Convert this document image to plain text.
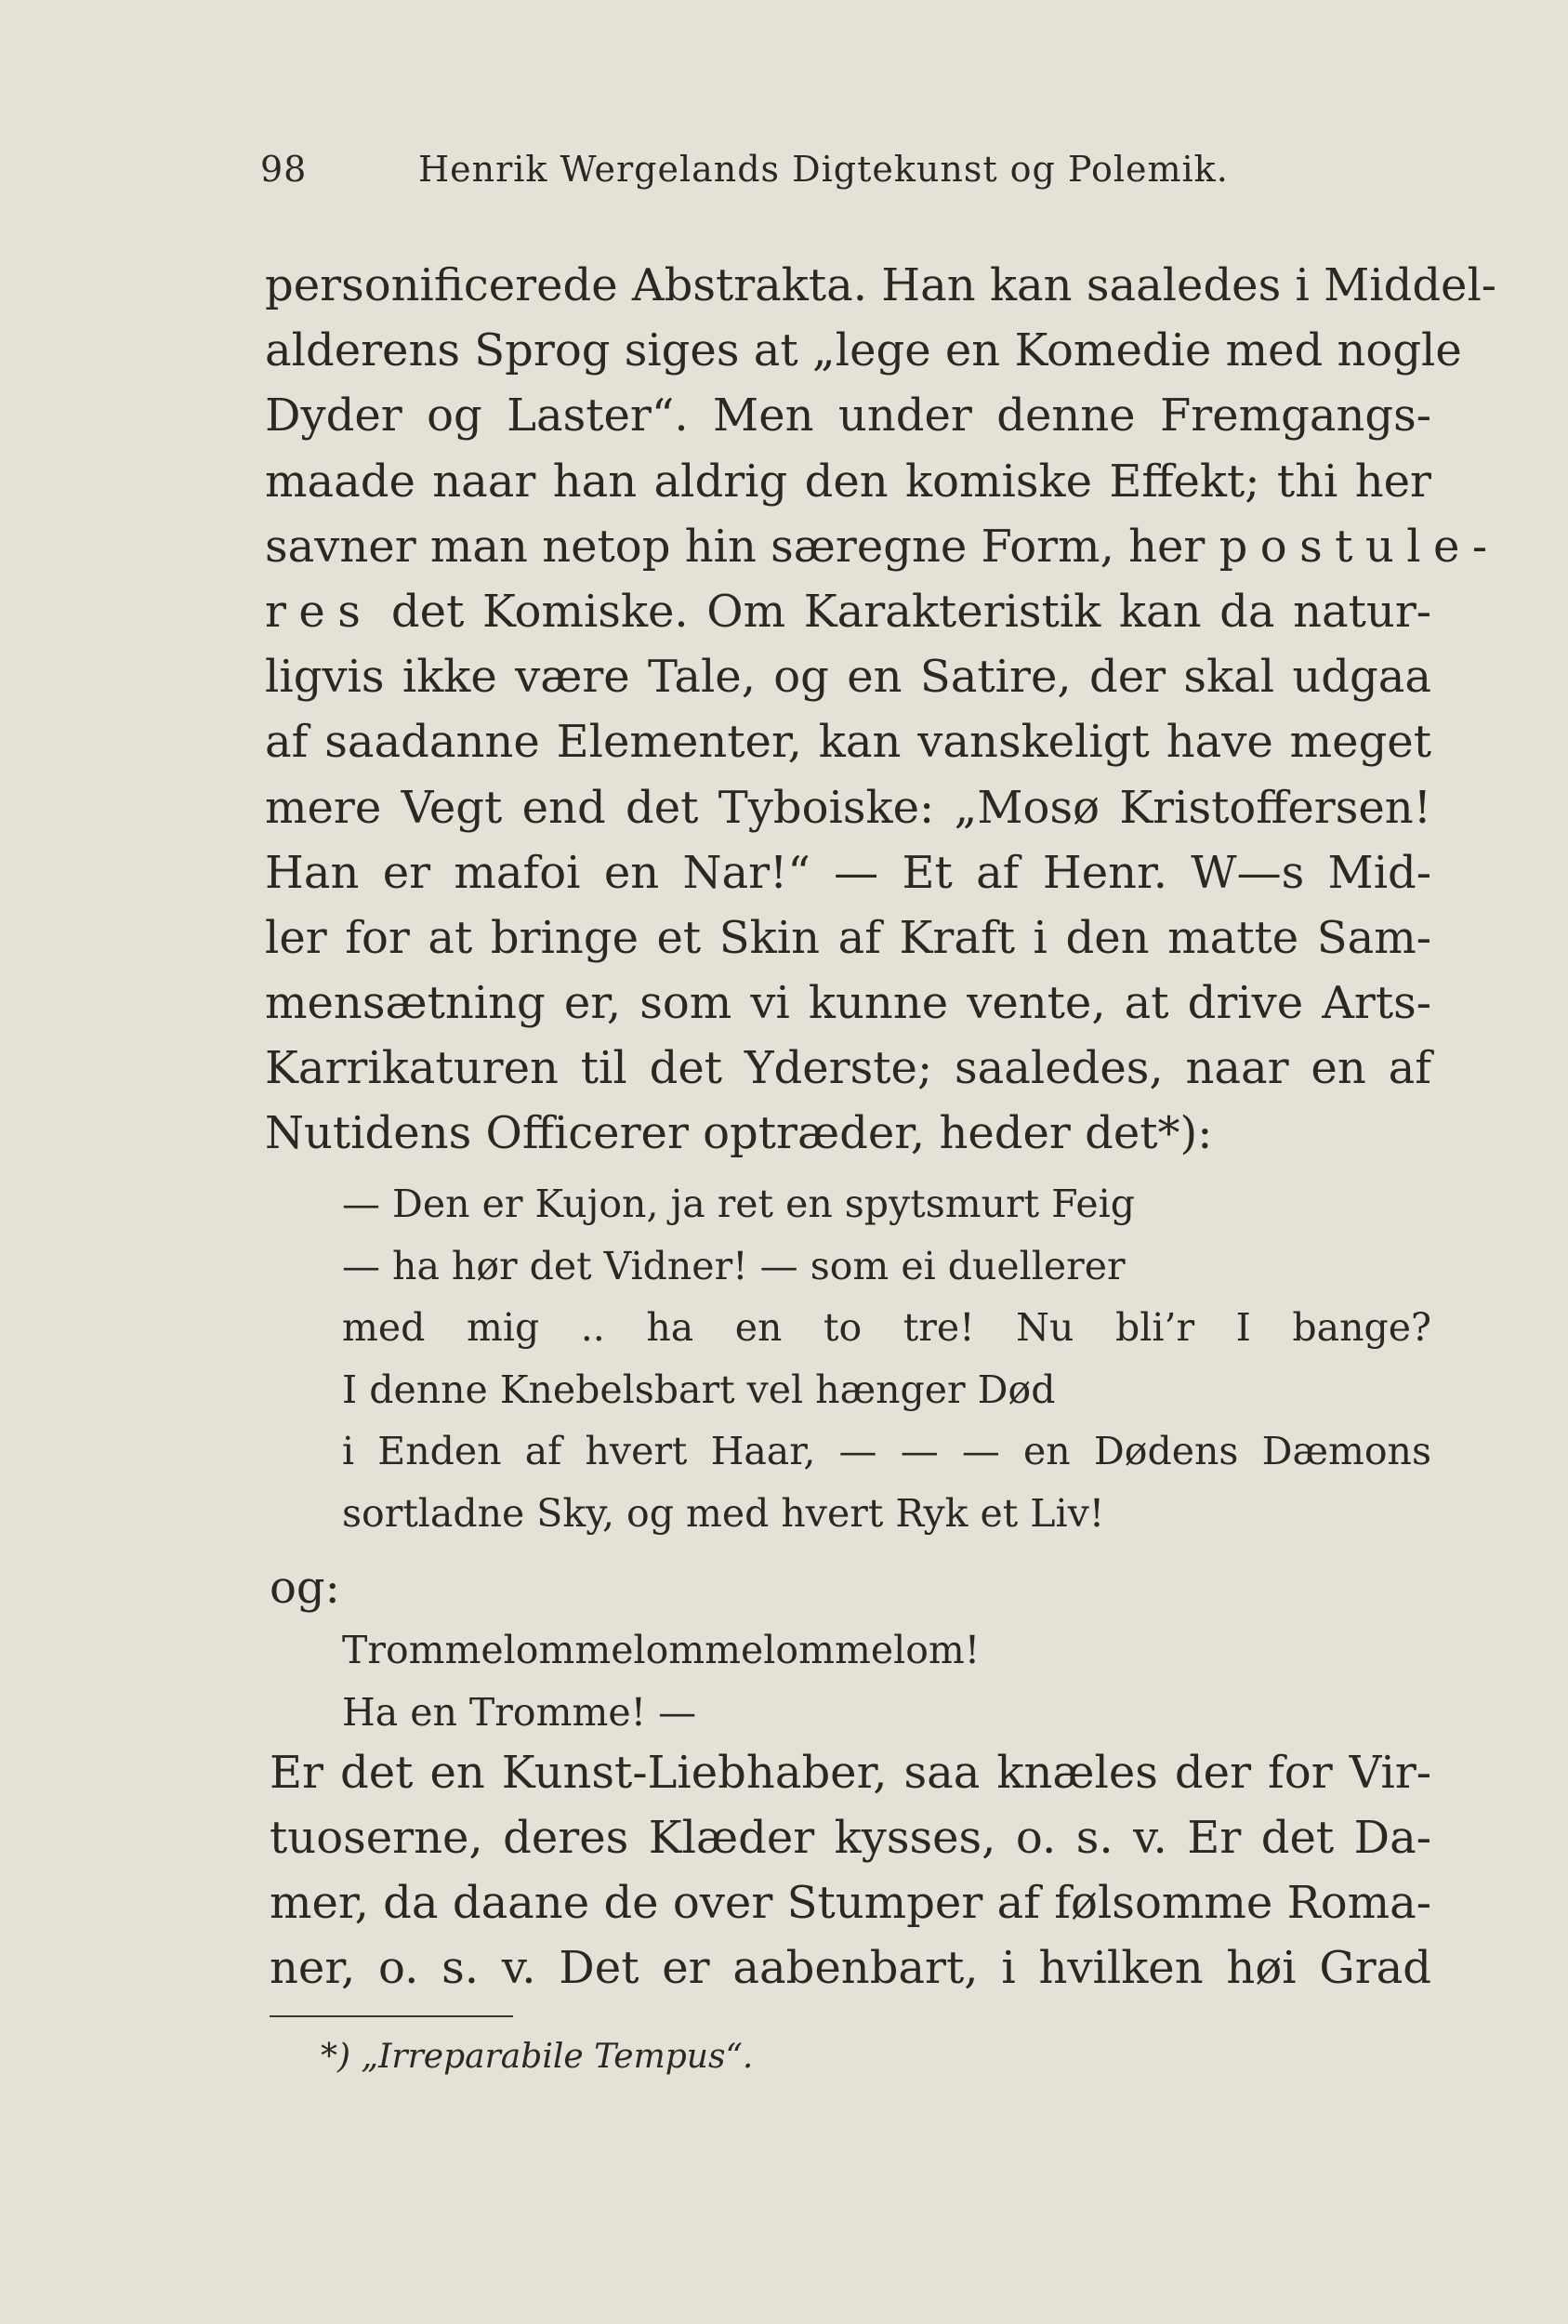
98	Henrik Wergelands Digtekunst og Polemik.
personificerede Abstrakta. Han kan saaledes i Middel-
alderens Sprog siges at „lege en Komedie med nogle
Dyder og Laster“. Men under denne Fremgangs-
maade naar han aldrig den komiske Effekt; thi her
savner man netop hin særegne Form, her postule-
res det Komiske. Om Karakteristik kan da natur-
ligvis ikke være Tale, og en Satire, der skal udgaa
af saadanne Elementer, kan vanskeligt have meget
mere Vegt end det Tyboiske: „Mosø Kristoffersen!
Han er mafoi en Nar!“ — Et af Henr. W—s Mid-
ler for at bringe et Skin af Kraft i den matte Sam-
mensætning er, som vi kunne vente, at drive Arts-
Karrikaturen til det Yderste; saaledes, naar en af
Nutidens Officerer optræder, heder det*):
— Den er Kujon, ja ret en spytsmurt Feig
— ha hør det Vidner! — som ei duellerer
med mig .. ha en to tre! Nu bli’r I bange?
I denne Knebelsbart vel hænger Død
i Enden af hvert Haar, — — — en Dødens Dæmons
sortladne Sky, og med hvert Ryk et Liv!
og:
Trommelommelommelommelom!
Ha en Tromme! —
Er det en Kunst-Liebhaber, saa knæles der for Vir-
tuoserne, deres Klæder kysses, o. s. v. Er det Da-
mer, da daane de over Stumper af følsomme Roma-
ner, o. s. v. Det er aabenbart, i hvilken høi Grad
*) „Irreparabile Tempus“.
